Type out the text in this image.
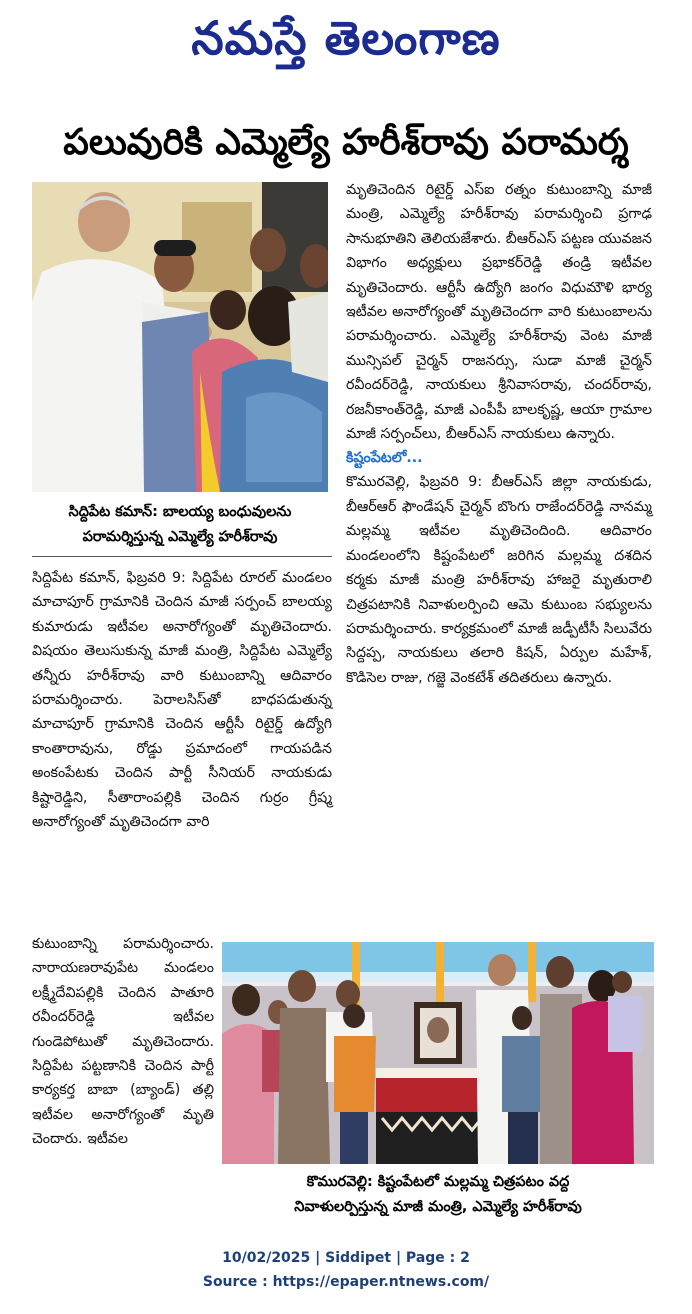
నమస్తే తెలంగాణ
పలువురికి ఎమ్మెల్యే హరీశ్‌రావు పరామర్శ
సిద్దిపేట కమాన్‌: బాలయ్య బంధువులను
పరామర్శిస్తున్న ఎమ్మెల్యే హరీశ్‌రావు

సిద్దిపేట కమాన్‌, ఫిబ్రవరి 9: సిద్దిపేట రూరల్‌ మండలం మాచాపూర్‌ గ్రామానికి చెందిన మాజీ సర్పంచ్‌ బాలయ్య కుమారుడు ఇటీవల అనారోగ్యంతో మృతిచెందారు. విషయం తెలుసుకున్న మాజీ మంత్రి, సిద్దిపేట ఎమ్మెల్యే తన్నీరు హరీశ్‌రావు వారి కుటుంబాన్ని ఆదివారం పరామర్శించారు. పెరాలసిస్‌తో బాధపడుతున్న మాచాపూర్‌ గ్రామానికి చెందిన ఆర్టీసీ రిటైర్డ్‌ ఉద్యోగి కాంతారావును, రోడ్డు ప్రమాదంలో గాయపడిన అంకంపేటకు చెందిన పార్టీ సీనియర్‌ నాయకుడు కిష్టారెడ్డిని, సీతారాంపల్లికి చెందిన గుర్రం గ్రీష్మ అనారోగ్యంతో మృతిచెందగా వారి

కుటుంబాన్ని పరామర్శించారు. నారాయణరావుపేట మండలం లక్ష్మీదేవిపల్లికి చెందిన పాతూరి రవీందర్‌రెడ్డి ఇటీవల గుండెపోటుతో మృతిచెందారు. సిద్దిపేట పట్టణానికి చెందిన పార్టీ కార్యకర్త బాబా (బ్యాండ్‌) తల్లి ఇటీవల అనారోగ్యంతో మృతి చెందారు. ఇటీవల

మృతిచెందిన రిటైర్డ్‌ ఎస్‌ఐ రత్నం కుటుంబాన్ని మాజీ మంత్రి, ఎమ్మెల్యే హరీశ్‌రావు పరామర్శించి ప్రగాఢ సానుభూతిని తెలియజేశారు. బీఆర్‌ఎస్‌ పట్టణ యువజన విభాగం అధ్యక్షులు ప్రభాకర్‌రెడ్డి తండ్రి ఇటీవల మృతిచెందారు. ఆర్టీసీ ఉద్యోగి జంగం విధుమౌళి భార్య ఇటీవల అనారోగ్యంతో మృతిచెందగా వారి కుటుంబాలను పరామర్శించారు. ఎమ్మెల్యే హరీశ్‌రావు వెంట మాజీ మున్సిపల్‌ చైర్మన్‌ రాజనర్సు, సుడా మాజీ చైర్మన్‌ రవీందర్‌రెడ్డి, నాయకులు శ్రీనివాసరావు, చందర్‌రావు, రజనీకాంత్‌రెడ్డి, మాజీ ఎంపీపీ బాలకృష్ణ, ఆయా గ్రామాల మాజీ సర్పంచ్‌లు, బీఆర్‌ఎస్‌ నాయకులు ఉన్నారు.

కిష్టంపేటలో...

కొమురవెల్లి, ఫిబ్రవరి 9: బీఆర్‌ఎస్‌ జిల్లా నాయకుడు, బీఆర్‌ఆర్‌ ఫౌండేషన్‌ చైర్మన్‌ బొంగు రాజేందర్‌రెడ్డి నానమ్మ మల్లమ్మ ఇటీవల మృతిచెందింది. ఆదివారం మండలంలోని కిష్టంపేటలో జరిగిన మల్లమ్మ దశదిన కర్మకు మాజీ మంత్రి హరీశ్‌రావు హాజరై మృతురాలి చిత్రపటానికి నివాళులర్పించి ఆమె కుటుంబ సభ్యులను పరామర్శించారు. కార్యక్రమంలో మాజీ జడ్పీటీసీ సిలువేరు సిద్దప్ప, నాయకులు తలారి కిషన్‌, ఏర్పుల మహేశ్‌, కొడిసెల రాజు, గజ్జె వెంకటేశ్‌ తదితరులు ఉన్నారు.

కొమురవెల్లి: కిష్టంపేటలో మల్లమ్మ చిత్రపటం వద్ద
నివాళులర్పిస్తున్న మాజీ మంత్రి, ఎమ్మెల్యే హరీశ్‌రావు
10/02/2025 | Siddipet | Page : 2
Source : https://epaper.ntnews.com/
